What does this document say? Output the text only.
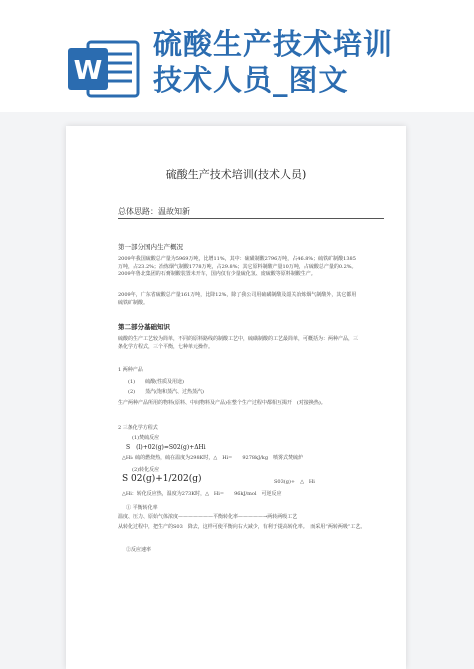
W
硫酸生产技术培训
技术人员_图文
硫酸生产技术培训(技术人员)
总体思路：温故知新
第一部分国内生产概况
2009年我国硫酸总产量为5969万吨，比增11%，其中：硫磺制酸2796万吨，占46.8%；硫铁矿制酸1385万吨，占23.2%；冶炼烟气制酸1778万吨，占29.8%；其它原料制酸产量10万吨，占硫酸总产量的0.2%。2009年鲁北集团的石膏制酸装置未开车，国内仅有少量硫化氢、废硫酸等原料制酸生产。
2009年，广东省硫酸总产量161万吨，比降12%，除了我公司用硫磺制酸及韶关冶炼烟气制酸外，其它都用硫铁矿制酸。
第二部分基础知识
硫酸的生产工艺较为简单，不同的原料路线的制酸工艺中，硫磺制酸的工艺最简单，可概括为：两种产品，三条化学方程式，三个平衡，七种单元操作。
1 两种产品
(1)　　硫酸(性质及用途)
(2)　　蒸汽(饱和蒸汽、过热蒸汽)
生产两种产品所用的物料(原料、中间物料及产品)在整个生产过程中都相互揭开　(对接换热)。
2 三条化学方程式
(1)焚硫反应
S　(l)+02(g)=S02(g)+ΔHi
△Hi: 硫的燃烧热，硫在温度为298K时，△　Hi=　　9278kJ/kg　喷雾式焚硫炉
(2)转化反应
S 02(g)+1/202(g)	S03(g)+　△　Hi
△Hi：转化反应热，温度为273K时，△　Hi=　　96kJ/mol　可逆反应
① 平衡转化率
温度、压力、原始气体浓度———————平衡转化率—————→两转两吸工艺
从转化过程中，把生产的S03　降去，这样可使平衡向右大减少，有利于提高转化率。　而采用“两转两吸”工艺。
②反应速率
